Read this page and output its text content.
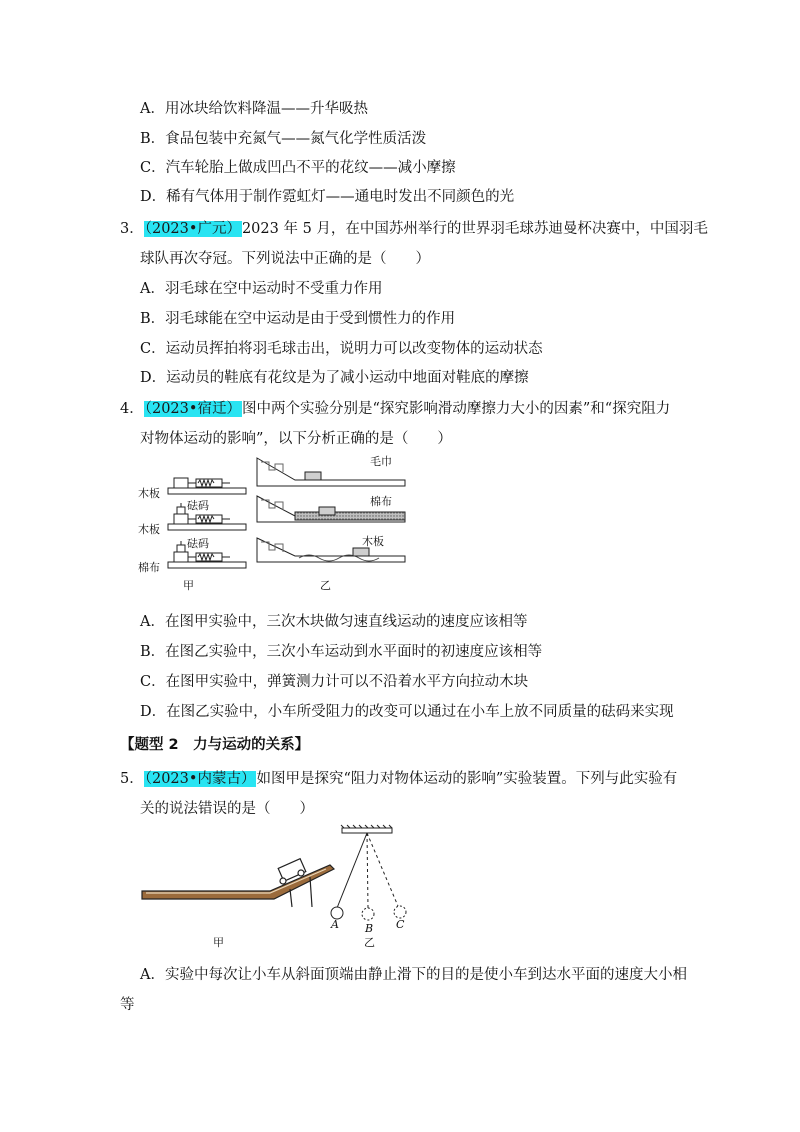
A．用冰块给饮料降温——升华吸热
B．食品包装中充氮气——氮气化学性质活泼
C．汽车轮胎上做成凹凸不平的花纹——减小摩擦
D．稀有气体用于制作霓虹灯——通电时发出不同颜色的光
3．（2023•广元）2023 年 5 月，在中国苏州举行的世界羽毛球苏迪曼杯决赛中，中国羽毛
球队再次夺冠。下列说法中正确的是（　　）
A．羽毛球在空中运动时不受重力作用
B．羽毛球能在空中运动是由于受到惯性力的作用
C．运动员挥拍将羽毛球击出，说明力可以改变物体的运动状态
D．运动员的鞋底有花纹是为了减小运动中地面对鞋底的摩擦
4．（2023•宿迁）图中两个实验分别是“探究影响滑动摩擦力大小的因素”和“探究阻力
对物体运动的影响”，以下分析正确的是（　　）
木板
砝码
木板
砝码
棉布
甲
毛巾
棉布
木板
乙
A．在图甲实验中，三次木块做匀速直线运动的速度应该相等
B．在图乙实验中，三次小车运动到水平面时的初速度应该相等
C．在图甲实验中，弹簧测力计可以不沿着水平方向拉动木块
D．在图乙实验中，小车所受阻力的改变可以通过在小车上放不同质量的砝码来实现
【题型 2　力与运动的关系】
5．（2023•内蒙古）如图甲是探究“阻力对物体运动的影响”实验装置。下列与此实验有
关的说法错误的是（　　）
甲
A B C
乙
A．实验中每次让小车从斜面顶端由静止滑下的目的是使小车到达水平面的速度大小相
等
